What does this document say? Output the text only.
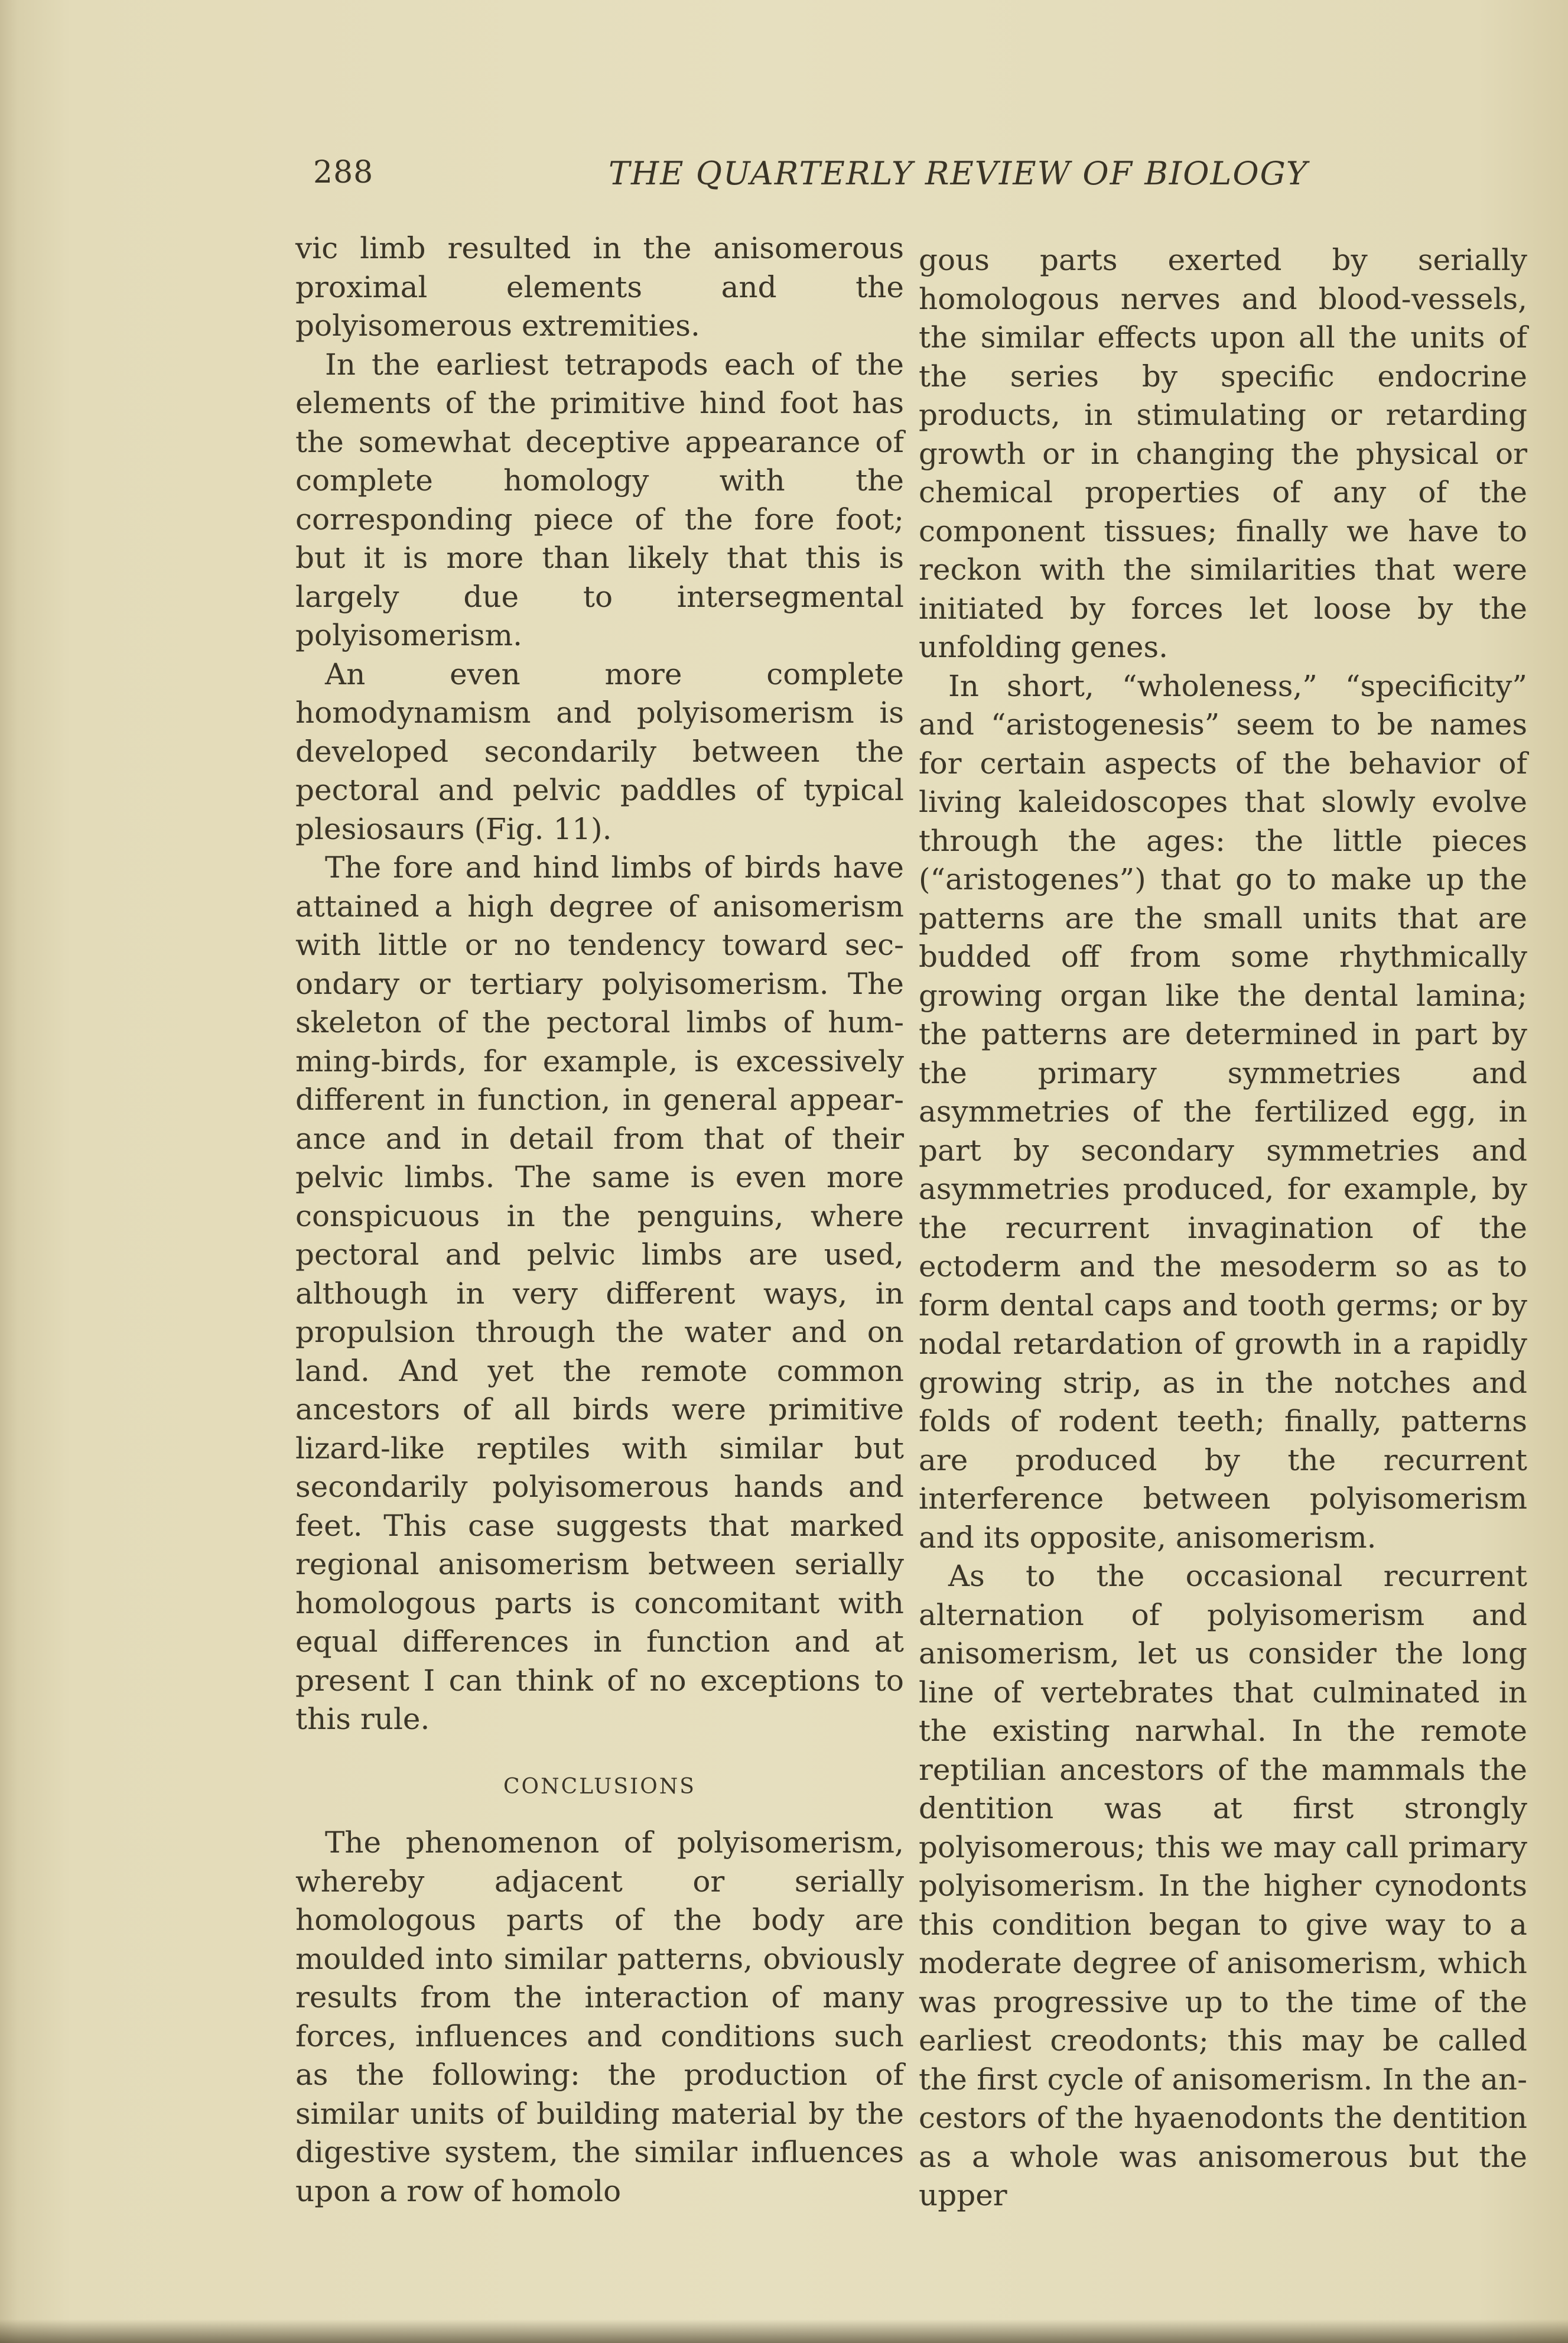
288	THE QUARTERLY REVIEW OF BIOLOGY

vic limb resulted in the anisomerous proximal elements and the polyisomerous extremities.

In the earliest tetrapods each of the elements of the primitive hind foot has the somewhat deceptive appearance of complete homology with the corresponding piece of the fore foot; but it is more than likely that this is largely due to intersegmental polyisomerism.

An even more complete homodynamism and polyisomerism is developed secondarily between the pectoral and pelvic paddles of typical plesiosaurs (Fig. 11).

The fore and hind limbs of birds have attained a high degree of anisomerism with little or no tendency toward secondary or tertiary polyisomerism. The skeleton of the pectoral limbs of humming-birds, for example, is excessively different in function, in general appearance and in detail from that of their pelvic limbs. The same is even more conspicuous in the penguins, where pectoral and pelvic limbs are used, although in very different ways, in propulsion through the water and on land. And yet the remote common ancestors of all birds were primitive lizard-like reptiles with similar but secondarily polyisomerous hands and feet. This case suggests that marked regional anisomerism between serially homologous parts is concomitant with equal differences in function and at present I can think of no exceptions to this rule.

CONCLUSIONS

The phenomenon of polyisomerism, whereby adjacent or serially homologous parts of the body are moulded into similar patterns, obviously results from the interaction of many forces, influences and conditions such as the following: the production of similar units of building material by the digestive system, the similar influences upon a row of homolo

gous parts exerted by serially homologous nerves and blood-vessels, the similar effects upon all the units of the series by specific endocrine products, in stimulating or retarding growth or in changing the physical or chemical properties of any of the component tissues; finally we have to reckon with the similarities that were initiated by forces let loose by the unfolding genes.

In short, “wholeness,” “specificity” and “aristogenesis” seem to be names for certain aspects of the behavior of living kaleidoscopes that slowly evolve through the ages: the little pieces (“aristogenes”) that go to make up the patterns are the small units that are budded off from some rhythmically growing organ like the dental lamina; the patterns are determined in part by the primary symmetries and asymmetries of the fertilized egg, in part by secondary symmetries and asymmetries produced, for example, by the recurrent invagination of the ectoderm and the mesoderm so as to form dental caps and tooth germs; or by nodal retardation of growth in a rapidly growing strip, as in the notches and folds of rodent teeth; finally, patterns are produced by the recurrent interference between polyisomerism and its opposite, anisomerism.

As to the occasional recurrent alternation of polyisomerism and anisomerism, let us consider the long line of vertebrates that culminated in the existing narwhal. In the remote reptilian ancestors of the mammals the dentition was at first strongly polyisomerous; this we may call primary polyisomerism. In the higher cynodonts this condition began to give way to a moderate degree of anisomerism, which was progressive up to the time of the earliest creodonts; this may be called the first cycle of anisomerism. In the ancestors of the hyaenodonts the dentition as a whole was anisomerous but the upper
